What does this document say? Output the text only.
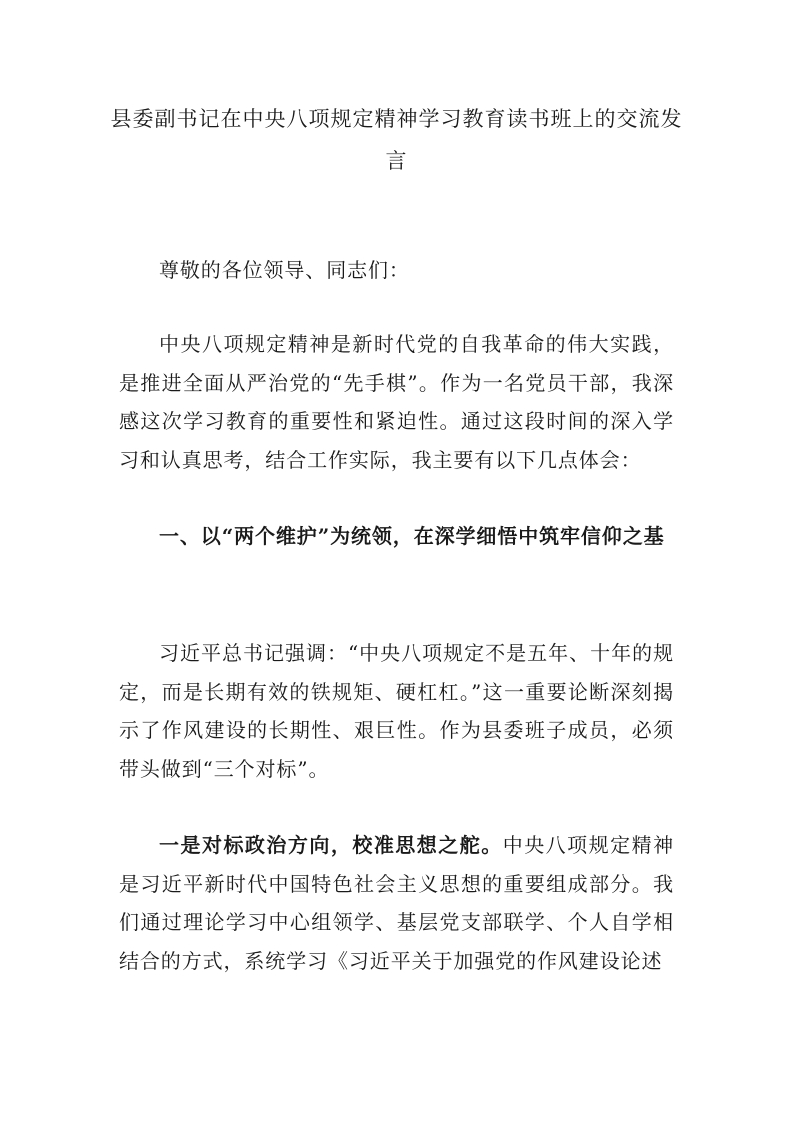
县委副书记在中央八项规定精神学习教育读书班上的交流发言

尊敬的各位领导、同志们：

中央八项规定精神是新时代党的自我革命的伟大实践，是推进全面从严治党的“先手棋”。作为一名党员干部，我深感这次学习教育的重要性和紧迫性。通过这段时间的深入学习和认真思考，结合工作实际，我主要有以下几点体会：

一、以“两个维护”为统领，在深学细悟中筑牢信仰之基

习近平总书记强调：“中央八项规定不是五年、十年的规定，而是长期有效的铁规矩、硬杠杠。”这一重要论断深刻揭示了作风建设的长期性、艰巨性。作为县委班子成员，必须带头做到“三个对标”。

一是对标政治方向，校准思想之舵。中央八项规定精神是习近平新时代中国特色社会主义思想的重要组成部分。我们通过理论学习中心组领学、基层党支部联学、个人自学相结合的方式，系统学习《习近平关于加强党的作风建设论述
